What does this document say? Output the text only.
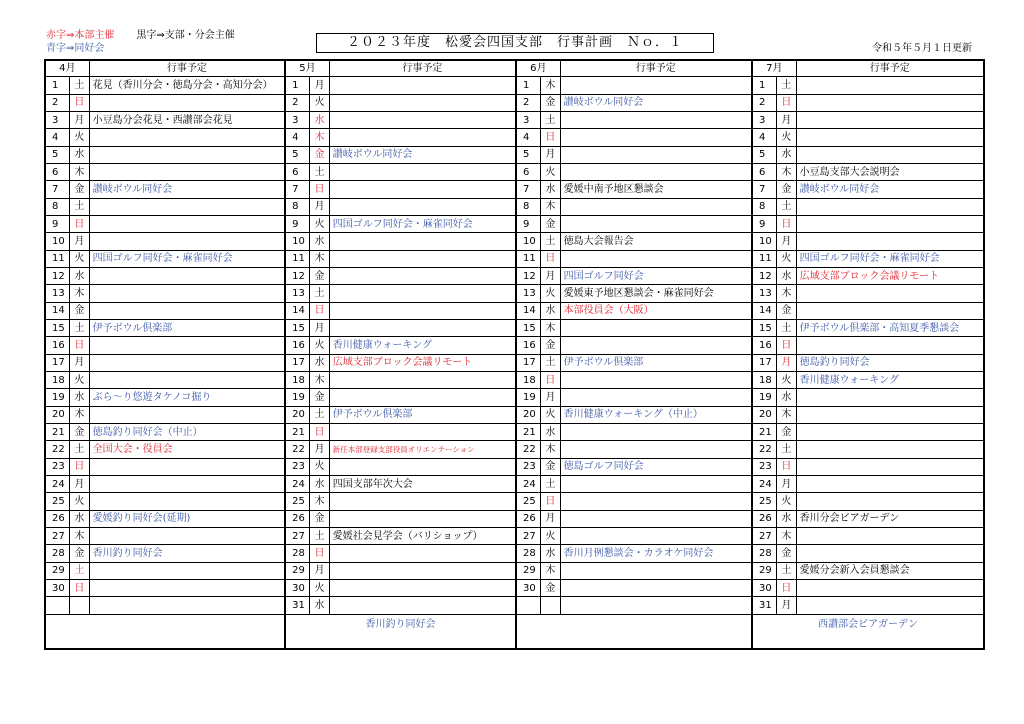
赤字⇒本部主催 黒字⇒支部・分会主催
青字⇒同好会	２０２３年度　松愛会四国支部　行事計画　Ｎｏ．１	令和５年５月１日更新
4月		行事予定	5月		行事予定	6月		行事予定	7月		行事予定
1	土	花見（香川分会・徳島分会・高知分会）	1	月		1	木		1	土	
2	日		2	火		2	金	讃岐ボウル同好会	2	日	
3	月	小豆島分会花見・西讃部会花見	3	水		3	土		3	月	
4	火		4	木		4	日		4	火	
5	水		5	金	讃岐ボウル同好会	5	月		5	水	
6	木		6	土		6	火		6	木	小豆島支部大会説明会
7	金	讃岐ボウル同好会	7	日		7	水	愛媛中南予地区懇談会	7	金	讃岐ボウル同好会
8	土		8	月		8	木		8	土	
9	日		9	火	四国ゴルフ同好会・麻雀同好会	9	金		9	日	
10	月		10	水		10	土	徳島大会報告会	10	月	
11	火	四国ゴルフ同好会・麻雀同好会	11	木		11	日		11	火	四国ゴルフ同好会・麻雀同好会
12	水		12	金		12	月	四国ゴルフ同好会	12	水	広域支部ブロック会議リモート
13	木		13	土		13	火	愛媛東予地区懇談会・麻雀同好会	13	木	
14	金		14	日		14	水	本部役員会（大阪）	14	金	
15	土	伊予ボウル倶楽部	15	月		15	木		15	土	伊予ボウル倶楽部・高知夏季懇談会
16	日		16	火	香川健康ウォーキング	16	金		16	日	
17	月		17	水	広域支部ブロック会議リモート	17	土	伊予ボウル倶楽部	17	月	徳島釣り同好会
18	火		18	木		18	日		18	火	香川健康ウォーキング
19	水	ぶら～り悠遊タケノコ掘り	19	金		19	月		19	水	
20	木		20	土	伊予ボウル倶楽部	20	火	香川健康ウォーキング（中止）	20	木	
21	金	徳島釣り同好会（中止）	21	日		21	水		21	金	
22	土	全国大会・役員会	22	月	新任本部登録支部役員オリエンテーション	22	木		22	土	
23	日		23	火		23	金	徳島ゴルフ同好会	23	日	
24	月		24	水	四国支部年次大会	24	土		24	月	
25	火		25	木		25	日		25	火	
26	水	愛媛釣り同好会(延期)	26	金		26	月		26	水	香川分会ビアガーデン
27	木		27	土	愛媛社会見学会（バリショップ）	27	火		27	木	
28	金	香川釣り同好会	28	日		28	水	香川月例懇談会・カラオケ同好会	28	金	
29	土		29	月		29	木		29	土	愛媛分会新入会員懇談会
30	日		30	火		30	金		30	日	
			31	水					31	月	
			香川釣り同好会						西讃部会ビアガーデン		
